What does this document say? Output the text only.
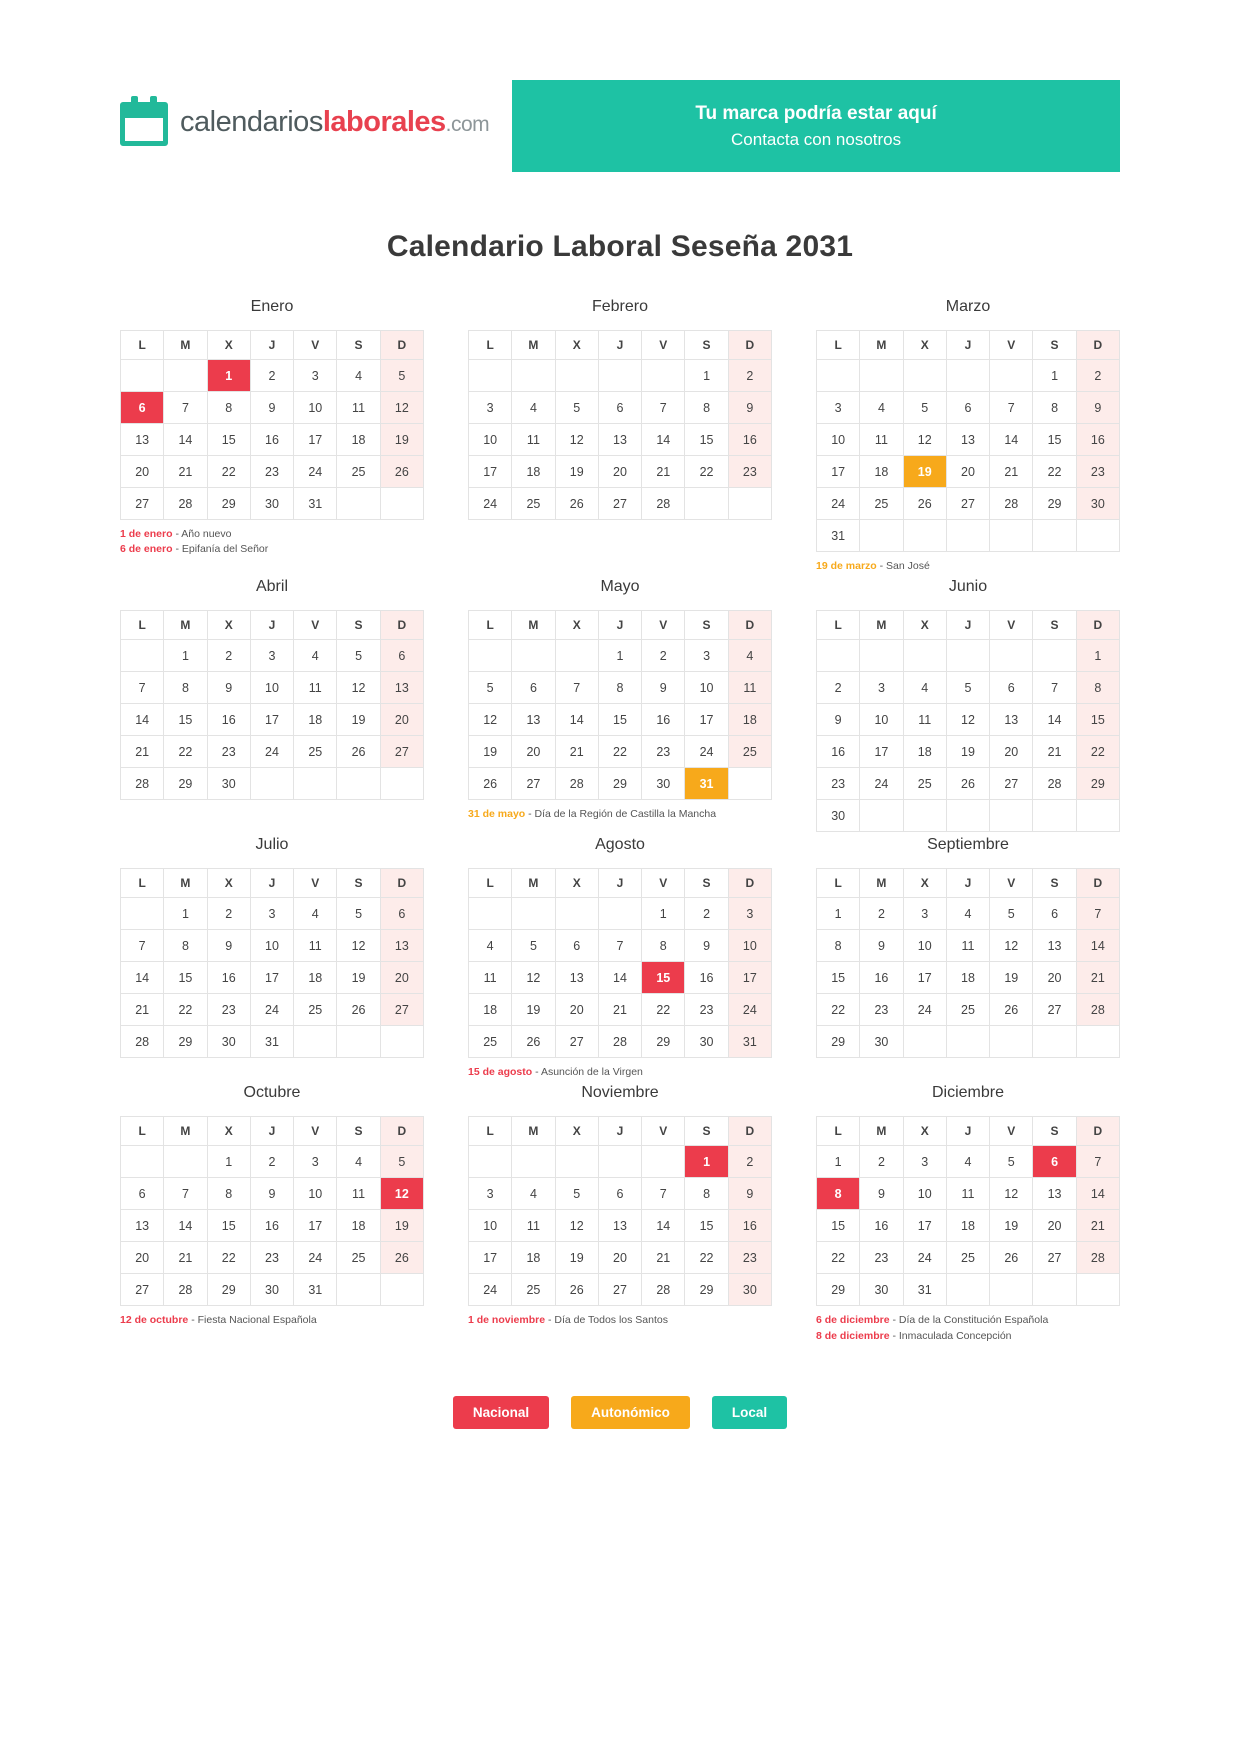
calendarioslaborales.com	Tu marca podría estar aquí
Contacta con nosotros
Calendario Laboral Seseña 2031
Enero
L	M	X	J	V	S	D
		1	2	3	4	5
6	7	8	9	10	11	12
13	14	15	16	17	18	19
20	21	22	23	24	25	26
27	28	29	30	31		
1 de enero - Año nuevo
6 de enero - Epifanía del Señor
Febrero
L	M	X	J	V	S	D
					1	2
3	4	5	6	7	8	9
10	11	12	13	14	15	16
17	18	19	20	21	22	23
24	25	26	27	28		
Marzo
L	M	X	J	V	S	D
					1	2
3	4	5	6	7	8	9
10	11	12	13	14	15	16
17	18	19	20	21	22	23
24	25	26	27	28	29	30
31						
19 de marzo - San José
Abril
L	M	X	J	V	S	D
	1	2	3	4	5	6
7	8	9	10	11	12	13
14	15	16	17	18	19	20
21	22	23	24	25	26	27
28	29	30				
Mayo
L	M	X	J	V	S	D
			1	2	3	4
5	6	7	8	9	10	11
12	13	14	15	16	17	18
19	20	21	22	23	24	25
26	27	28	29	30	31	
31 de mayo - Día de la Región de Castilla la Mancha
Junio
L	M	X	J	V	S	D
						1
2	3	4	5	6	7	8
9	10	11	12	13	14	15
16	17	18	19	20	21	22
23	24	25	26	27	28	29
30						
Julio
L	M	X	J	V	S	D
	1	2	3	4	5	6
7	8	9	10	11	12	13
14	15	16	17	18	19	20
21	22	23	24	25	26	27
28	29	30	31			
Agosto
L	M	X	J	V	S	D
				1	2	3
4	5	6	7	8	9	10
11	12	13	14	15	16	17
18	19	20	21	22	23	24
25	26	27	28	29	30	31
15 de agosto - Asunción de la Virgen
Septiembre
L	M	X	J	V	S	D
1	2	3	4	5	6	7
8	9	10	11	12	13	14
15	16	17	18	19	20	21
22	23	24	25	26	27	28
29	30					
Octubre
L	M	X	J	V	S	D
		1	2	3	4	5
6	7	8	9	10	11	12
13	14	15	16	17	18	19
20	21	22	23	24	25	26
27	28	29	30	31		
12 de octubre - Fiesta Nacional Española
Noviembre
L	M	X	J	V	S	D
					1	2
3	4	5	6	7	8	9
10	11	12	13	14	15	16
17	18	19	20	21	22	23
24	25	26	27	28	29	30
1 de noviembre - Día de Todos los Santos
Diciembre
L	M	X	J	V	S	D
1	2	3	4	5	6	7
8	9	10	11	12	13	14
15	16	17	18	19	20	21
22	23	24	25	26	27	28
29	30	31				
6 de diciembre - Día de la Constitución Española
8 de diciembre - Inmaculada Concepción
Nacional	Autonómico	Local
